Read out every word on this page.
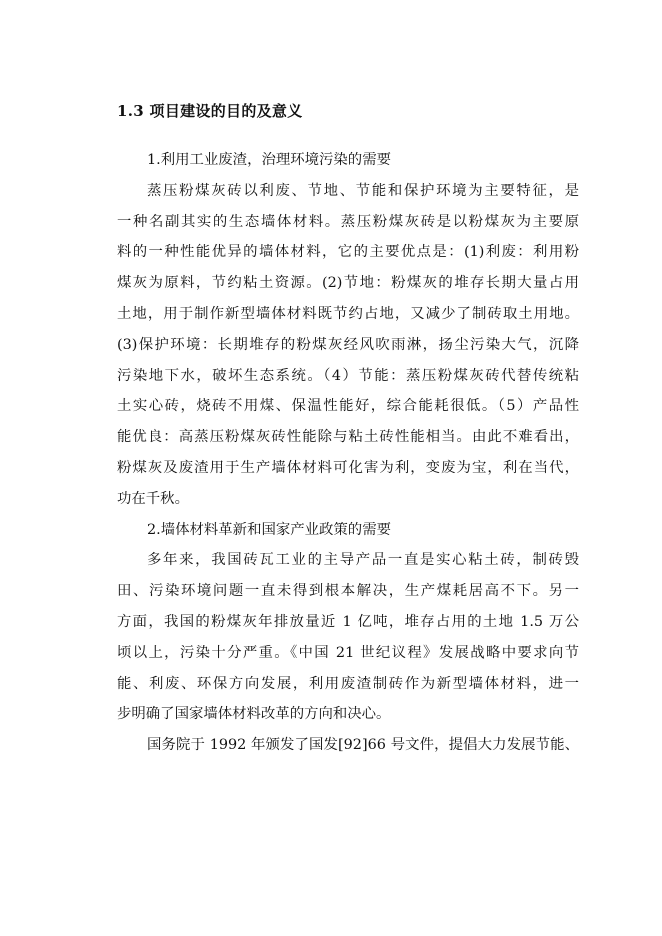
1.3 项目建设的目的及意义
1.利用工业废渣，治理环境污染的需要
蒸压粉煤灰砖以利废、节地、节能和保护环境为主要特征，是
一种名副其实的生态墙体材料。蒸压粉煤灰砖是以粉煤灰为主要原
料的一种性能优异的墙体材料，它的主要优点是：(1)利废：利用粉
煤灰为原料，节约粘土资源。(2)节地：粉煤灰的堆存长期大量占用
土地，用于制作新型墙体材料既节约占地，又减少了制砖取土用地。
(3)保护环境：长期堆存的粉煤灰经风吹雨淋，扬尘污染大气，沉降
污染地下水，破坏生态系统。（4）节能：蒸压粉煤灰砖代替传统粘
土实心砖，烧砖不用煤、保温性能好，综合能耗很低。（5）产品性
能优良：高蒸压粉煤灰砖性能除与粘土砖性能相当。由此不难看出，
粉煤灰及废渣用于生产墙体材料可化害为利，变废为宝，利在当代，
功在千秋。
2.墙体材料革新和国家产业政策的需要
多年来，我国砖瓦工业的主导产品一直是实心粘土砖，制砖毁
田、污染环境问题一直未得到根本解决，生产煤耗居高不下。另一
方面，我国的粉煤灰年排放量近 1 亿吨，堆存占用的土地 1.5 万公
顷以上，污染十分严重。《中国 21 世纪议程》发展战略中要求向节
能、利废、环保方向发展，利用废渣制砖作为新型墙体材料，进一
步明确了国家墙体材料改革的方向和决心。
国务院于 1992 年颁发了国发[92]66 号文件，提倡大力发展节能、
